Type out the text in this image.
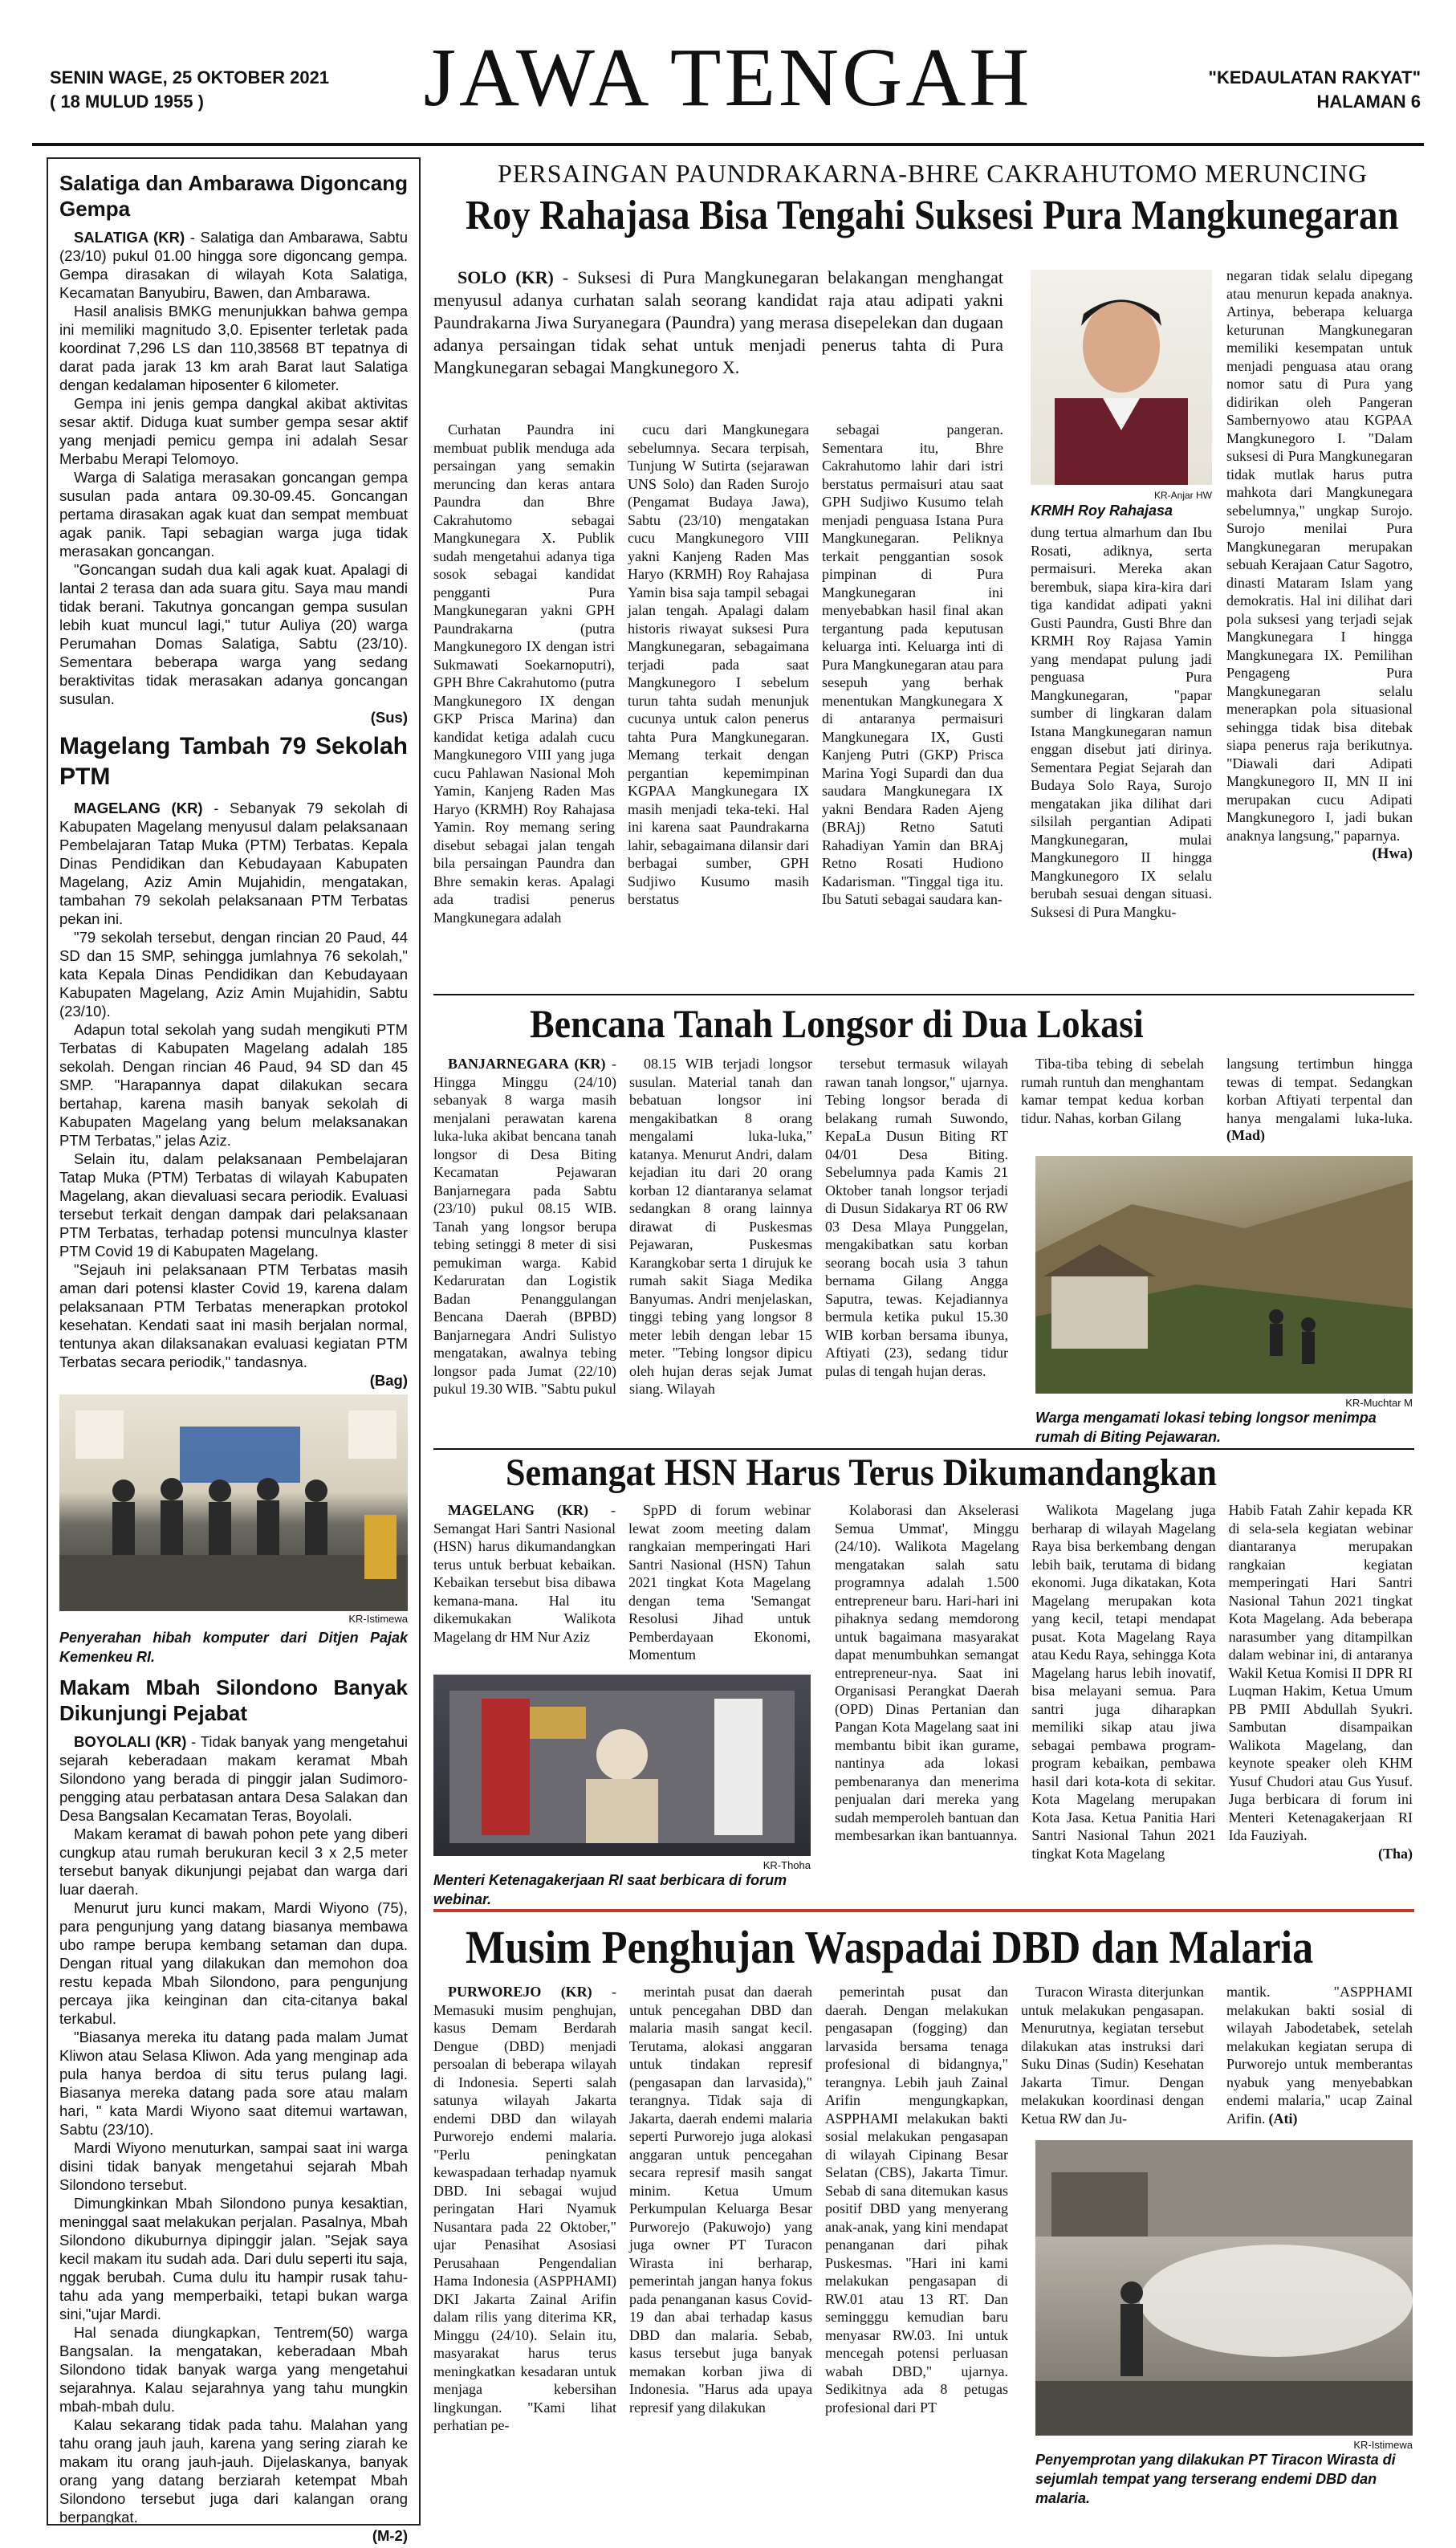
SENIN WAGE, 25 OKTOBER 2021
( 18 MULUD 1955 )	JAWA TENGAH	"KEDAULATAN RAKYAT"
HALAMAN 6
Salatiga dan Ambarawa Digoncang Gempa

SALATIGA (KR) - Salatiga dan Ambarawa, Sabtu (23/10) pukul 01.00 hingga sore digoncang gempa. Gempa dirasakan di wilayah Kota Salatiga, Kecamatan Banyubiru, Bawen, dan Ambarawa.

Hasil analisis BMKG menunjukkan bahwa gempa ini memiliki magnitudo 3,0. Episenter terletak pada koordinat 7,296 LS dan 110,38568 BT tepatnya di darat pada jarak 13 km arah Barat laut Salatiga dengan kedalaman hiposenter 6 kilometer.

Gempa ini jenis gempa dangkal akibat aktivitas sesar aktif. Diduga kuat sumber gempa sesar aktif yang menjadi pemicu gempa ini adalah Sesar Merbabu Merapi Telomoyo.

Warga di Salatiga merasakan goncangan gempa susulan pada antara 09.30-09.45. Goncangan pertama dirasakan agak kuat dan sempat membuat agak panik. Tapi sebagian warga juga tidak merasakan goncangan.

"Goncangan sudah dua kali agak kuat. Apalagi di lantai 2 terasa dan ada suara gitu. Saya mau mandi tidak berani. Takutnya goncangan gempa susulan lebih kuat muncul lagi," tutur Auliya (20) warga Perumahan Domas Salatiga, Sabtu (23/10). Sementara beberapa warga yang sedang beraktivitas tidak merasakan adanya goncangan susulan.

(Sus)

Magelang Tambah 79 Sekolah PTM

MAGELANG (KR) - Sebanyak 79 sekolah di Kabupaten Magelang menyusul dalam pelaksanaan Pembelajaran Tatap Muka (PTM) Terbatas. Kepala Dinas Pendidikan dan Kebudayaan Kabupaten Magelang, Aziz Amin Mujahidin, mengatakan, tambahan 79 sekolah pelaksanaan PTM Terbatas pekan ini.

"79 sekolah tersebut, dengan rincian 20 Paud, 44 SD dan 15 SMP, sehingga jumlahnya 76 sekolah," kata Kepala Dinas Pendidikan dan Kebudayaan Kabupaten Magelang, Aziz Amin Mujahidin, Sabtu (23/10).

Adapun total sekolah yang sudah mengikuti PTM Terbatas di Kabupaten Magelang adalah 185 sekolah. Dengan rincian 46 Paud, 94 SD dan 45 SMP. "Harapannya dapat dilakukan secara bertahap, karena masih banyak sekolah di Kabupaten Magelang yang belum melaksanakan PTM Terbatas," jelas Aziz.

Selain itu, dalam pelaksanaan Pembelajaran Tatap Muka (PTM) Terbatas di wilayah Kabupaten Magelang, akan dievaluasi secara periodik. Evaluasi tersebut terkait dengan dampak dari pelaksanaan PTM Terbatas, terhadap potensi munculnya klaster PTM Covid 19 di Kabupaten Magelang.

"Sejauh ini pelaksanaan PTM Terbatas masih aman dari potensi klaster Covid 19, karena dalam pelaksanaan PTM Terbatas menerapkan protokol kesehatan. Kendati saat ini masih berjalan normal, tentunya akan dilaksanakan evaluasi kegiatan PTM Terbatas secara periodik," tandasnya.

(Bag)

KR-Istimewa
Penyerahan hibah komputer dari Ditjen Pajak Kemenkeu RI.
Makam Mbah Silondono Banyak Dikunjungi Pejabat

BOYOLALI (KR) - Tidak banyak yang mengetahui sejarah keberadaan makam keramat Mbah Silondono yang berada di pinggir jalan Sudimoro-pengging atau perbatasan antara Desa Salakan dan Desa Bangsalan Kecamatan Teras, Boyolali.

Makam keramat di bawah pohon pete yang diberi cungkup atau rumah berukuran kecil 3 x 2,5 meter tersebut banyak dikunjungi pejabat dan warga dari luar daerah.

Menurut juru kunci makam, Mardi Wiyono (75), para pengunjung yang datang biasanya membawa ubo rampe berupa kembang setaman dan dupa. Dengan ritual yang dilakukan dan memohon doa restu kepada Mbah Silondono, para pengunjung percaya jika keinginan dan cita-citanya bakal terkabul.

"Biasanya mereka itu datang pada malam Jumat Kliwon atau Selasa Kliwon. Ada yang menginap ada pula hanya berdoa di situ terus pulang lagi. Biasanya mereka datang pada sore atau malam hari, " kata Mardi Wiyono saat ditemui wartawan, Sabtu (23/10).

Mardi Wiyono menuturkan, sampai saat ini warga disini tidak banyak mengetahui sejarah Mbah Silondono tersebut.

Dimungkinkan Mbah Silondono punya kesaktian, meninggal saat melakukan perjalan. Pasalnya, Mbah Silondono dikuburnya dipinggir jalan. "Sejak saya kecil makam itu sudah ada. Dari dulu seperti itu saja, nggak berubah. Cuma dulu itu hampir rusak tahu-tahu ada yang memperbaiki, tetapi bukan warga sini,"ujar Mardi.

Hal senada diungkapkan, Tentrem(50) warga Bangsalan. Ia mengatakan, keberadaan Mbah Silondono tidak banyak warga yang mengetahui sejarahnya. Kalau sejarahnya yang tahu mungkin mbah-mbah dulu.

Kalau sekarang tidak pada tahu. Malahan yang tahu orang jauh jauh, karena yang sering ziarah ke makam itu orang jauh-jauh. Dijelaskanya, banyak orang yang datang berziarah ketempat Mbah Silondono tersebut juga dari kalangan orang berpangkat.

(M-2)

PERSAINGAN PAUNDRAKARNA-BHRE CAKRAHUTOMO MERUNCING
Roy Rahajasa Bisa Tengahi Suksesi Pura Mangkunegaran

SOLO (KR) - Suksesi di Pura Mangkunegaran belakangan menghangat menyusul adanya curhatan salah seorang kandidat raja atau adipati yakni Paundrakarna Jiwa Suryanegara (Paundra) yang merasa disepelekan dan dugaan adanya persaingan tidak sehat untuk menjadi penerus tahta di Pura Mangkunegaran sebagai Mangkunegoro X.

Curhatan Paundra ini membuat publik menduga ada persaingan yang semakin meruncing dan keras antara Paundra dan Bhre Cakrahutomo sebagai Mangkunegara X. Publik sudah mengetahui adanya tiga sosok sebagai kandidat pengganti Pura Mangkunegaran yakni GPH Paundrakarna (putra Mangkunegoro IX dengan istri Sukmawati Soekarnoputri), GPH Bhre Cakrahutomo (putra Mangkunegoro IX dengan GKP Prisca Marina) dan kandidat ketiga adalah cucu Mangkunegoro VIII yang juga cucu Pahlawan Nasional Moh Yamin, Kanjeng Raden Mas Haryo (KRMH) Roy Rahajasa Yamin. Roy memang sering disebut sebagai jalan tengah bila persaingan Paundra dan Bhre semakin keras. Apalagi ada tradisi penerus Mangkunegara adalah

cucu dari Mangkunegara sebelumnya. Secara terpisah, Tunjung W Sutirta (sejarawan UNS Solo) dan Raden Surojo (Pengamat Budaya Jawa), Sabtu (23/10) mengatakan cucu Mangkunegoro VIII yakni Kanjeng Raden Mas Haryo (KRMH) Roy Rahajasa Yamin bisa saja tampil sebagai jalan tengah. Apalagi dalam historis riwayat suksesi Pura Mangkunegaran, sebagaimana terjadi pada saat Mangkunegoro I sebelum turun tahta sudah menunjuk cucunya untuk calon penerus tahta Pura Mangkunegaran. Memang terkait dengan pergantian kepemimpinan KGPAA Mangkunegara IX masih menjadi teka-teki. Hal ini karena saat Paundrakarna lahir, sebagaimana dilansir dari berbagai sumber, GPH Sudjiwo Kusumo masih berstatus

sebagai pangeran. Sementara itu, Bhre Cakrahutomo lahir dari istri berstatus permaisuri atau saat GPH Sudjiwo Kusumo telah menjadi penguasa Istana Pura Mangkunegaran. Peliknya terkait penggantian sosok pimpinan di Pura Mangkunegaran ini menyebabkan hasil final akan tergantung pada keputusan keluarga inti. Keluarga inti di Pura Mangkunegaran atau para sesepuh yang berhak menentukan Mangkunegara X di antaranya permaisuri Mangkunegara IX, Gusti Kanjeng Putri (GKP) Prisca Marina Yogi Supardi dan dua saudara Mangkunegara IX yakni Bendara Raden Ajeng (BRAj) Retno Satuti Rahadiyan Yamin dan BRAj Retno Rosati Hudiono Kadarisman. "Tinggal tiga itu. Ibu Satuti sebagai saudara kan-

KR-Anjar HW
KRMH Roy Rahajasa

dung tertua almarhum dan Ibu Rosati, adiknya, serta permaisuri. Mereka akan berembuk, siapa kira-kira dari tiga kandidat adipati yakni Gusti Paundra, Gusti Bhre dan KRMH Roy Rajasa Yamin yang mendapat pulung jadi penguasa Pura Mangkunegaran, "papar sumber di lingkaran dalam Istana Mangkunegaran namun enggan disebut jati dirinya. Sementara Pegiat Sejarah dan Budaya Solo Raya, Surojo mengatakan jika dilihat dari silsilah pergantian Adipati Mangkunegaran, mulai Mangkunegoro II hingga Mangkunegoro IX selalu berubah sesuai dengan situasi. Suksesi di Pura Mangku-

negaran tidak selalu dipegang atau menurun kepada anaknya. Artinya, beberapa keluarga keturunan Mangkunegaran memiliki kesempatan untuk menjadi penguasa atau orang nomor satu di Pura yang didirikan oleh Pangeran Sambernyowo atau KGPAA Mangkunegoro I. "Dalam suksesi di Pura Mangkunegaran tidak mutlak harus putra mahkota dari Mangkunegara sebelumnya," ungkap Surojo. Surojo menilai Pura Mangkunegaran merupakan sebuah Kerajaan Catur Sagotro, dinasti Mataram Islam yang demokratis. Hal ini dilihat dari pola suksesi yang terjadi sejak Mangkunegara I hingga Mangkunegara IX. Pemilihan Pengageng Pura Mangkunegaran selalu menerapkan pola situasional sehingga tidak bisa ditebak siapa penerus raja berikutnya. "Diawali dari Adipati Mangkunegoro II, MN II ini merupakan cucu Adipati Mangkunegoro I, jadi bukan anaknya langsung," paparnya.

(Hwa)

Bencana Tanah Longsor di Dua Lokasi

BANJARNEGARA (KR) - Hingga Minggu (24/10) sebanyak 8 warga masih menjalani perawatan karena luka-luka akibat bencana tanah longsor di Desa Biting Kecamatan Pejawaran Banjarnegara pada Sabtu (23/10) pukul 08.15 WIB. Tanah yang longsor berupa tebing setinggi 8 meter di sisi pemukiman warga. Kabid Kedaruratan dan Logistik Badan Penanggulangan Bencana Daerah (BPBD) Banjarnegara Andri Sulistyo mengatakan, awalnya tebing longsor pada Jumat (22/10) pukul 19.30 WIB. "Sabtu pukul

08.15 WIB terjadi longsor susulan. Material tanah dan bebatuan longsor ini mengakibatkan 8 orang mengalami luka-luka," katanya. Menurut Andri, dalam kejadian itu dari 20 orang korban 12 diantaranya selamat sedangkan 8 orang lainnya dirawat di Puskesmas Pejawaran, Puskesmas Karangkobar serta 1 dirujuk ke rumah sakit Siaga Medika Banyumas. Andri menjelaskan, tinggi tebing yang longsor 8 meter lebih dengan lebar 15 meter. "Tebing longsor dipicu oleh hujan deras sejak Jumat siang. Wilayah

tersebut termasuk wilayah rawan tanah longsor," ujarnya. Tebing longsor berada di belakang rumah Suwondo, KepaLa Dusun Biting RT 04/01 Desa Biting. Sebelumnya pada Kamis 21 Oktober tanah longsor terjadi di Dusun Sidakarya RT 06 RW 03 Desa Mlaya Punggelan, mengakibatkan satu korban seorang bocah usia 3 tahun bernama Gilang Angga Saputra, tewas. Kejadiannya bermula ketika pukul 15.30 WIB korban bersama ibunya, Aftiyati (23), sedang tidur pulas di tengah hujan deras.

Tiba-tiba tebing di sebelah rumah runtuh dan menghantam kamar tempat kedua korban tidur. Nahas, korban Gilang

langsung tertimbun hingga tewas di tempat. Sedangkan korban Aftiyati terpental dan hanya mengalami luka-luka.

(Mad)
KR-Muchtar M
Warga mengamati lokasi tebing longsor menimpa rumah di Biting Pejawaran.
Semangat HSN Harus Terus Dikumandangkan

MAGELANG (KR) - Semangat Hari Santri Nasional (HSN) harus dikumandangkan terus untuk berbuat kebaikan. Kebaikan tersebut bisa dibawa kemana-mana. Hal itu dikemukakan Walikota Magelang dr HM Nur Aziz

SpPD di forum webinar lewat zoom meeting dalam rangkaian memperingati Hari Santri Nasional (HSN) Tahun 2021 tingkat Kota Magelang dengan tema 'Semangat Resolusi Jihad untuk Pemberdayaan Ekonomi, Momentum

KR-Thoha
Menteri Ketenagakerjaan RI saat berbicara di forum webinar.

Kolaborasi dan Akselerasi Semua Ummat', Minggu (24/10). Walikota Magelang mengatakan salah satu programnya adalah 1.500 entrepreneur baru. Hari-hari ini pihaknya sedang memdorong untuk bagaimana masyarakat dapat menumbuhkan semangat entrepreneur-nya. Saat ini Organisasi Perangkat Daerah (OPD) Dinas Pertanian dan Pangan Kota Magelang saat ini membantu bibit ikan gurame, nantinya ada lokasi pembenaranya dan menerima penjualan dari mereka yang sudah memperoleh bantuan dan membesarkan ikan bantuannya.

Walikota Magelang juga berharap di wilayah Magelang Raya bisa berkembang dengan lebih baik, terutama di bidang ekonomi. Juga dikatakan, Kota Magelang merupakan kota yang kecil, tetapi mendapat pusat. Kota Magelang Raya atau Kedu Raya, sehingga Kota Magelang harus lebih inovatif, bisa melayani semua. Para santri juga diharapkan memiliki sikap atau jiwa sebagai pembawa program-program kebaikan, pembawa hasil dari kota-kota di sekitar. Kota Magelang merupakan Kota Jasa. Ketua Panitia Hari Santri Nasional Tahun 2021 tingkat Kota Magelang

Habib Fatah Zahir kepada KR di sela-sela kegiatan webinar diantaranya merupakan rangkaian kegiatan memperingati Hari Santri Nasional Tahun 2021 tingkat Kota Magelang. Ada beberapa narasumber yang ditampilkan dalam webinar ini, di antaranya Wakil Ketua Komisi II DPR RI Luqman Hakim, Ketua Umum PB PMII Abdullah Syukri. Sambutan disampaikan Walikota Magelang, dan keynote speaker oleh KHM Yusuf Chudori atau Gus Yusuf. Juga berbicara di forum ini Menteri Ketenagakerjaan RI Ida Fauziyah.

(Tha)

Musim Penghujan Waspadai DBD dan Malaria

PURWOREJO (KR) - Memasuki musim penghujan, kasus Demam Berdarah Dengue (DBD) menjadi persoalan di beberapa wilayah di Indonesia. Seperti salah satunya wilayah Jakarta endemi DBD dan wilayah Purworejo endemi malaria. "Perlu peningkatan kewaspadaan terhadap nyamuk DBD. Ini sebagai wujud peringatan Hari Nyamuk Nusantara pada 22 Oktober," ujar Penasihat Asosiasi Perusahaan Pengendalian Hama Indonesia (ASPPHAMI) DKI Jakarta Zainal Arifin dalam rilis yang diterima KR, Minggu (24/10). Selain itu, masyarakat harus terus meningkatkan kesadaran untuk menjaga kebersihan lingkungan. "Kami lihat perhatian pe-

merintah pusat dan daerah untuk pencegahan DBD dan malaria masih sangat kecil. Terutama, alokasi anggaran untuk tindakan represif (pengasapan dan larvasida)," terangnya. Tidak saja di Jakarta, daerah endemi malaria seperti Purworejo juga alokasi anggaran untuk pencegahan secara represif masih sangat minim. Ketua Umum Perkumpulan Keluarga Besar Purworejo (Pakuwojo) yang juga owner PT Turacon Wirasta ini berharap, pemerintah jangan hanya fokus pada penanganan kasus Covid-19 dan abai terhadap kasus DBD dan malaria. Sebab, kasus tersebut juga banyak memakan korban jiwa di Indonesia. "Harus ada upaya represif yang dilakukan

pemerintah pusat dan daerah. Dengan melakukan pengasapan (fogging) dan larvasida bersama tenaga profesional di bidangnya," terangnya. Lebih jauh Zainal Arifin mengungkapkan, ASPPHAMI melakukan bakti sosial melakukan pengasapan di wilayah Cipinang Besar Selatan (CBS), Jakarta Timur. Sebab di sana ditemukan kasus positif DBD yang menyerang anak-anak, yang kini mendapat penanganan dari pihak Puskesmas. "Hari ini kami melakukan pengasapan di RW.01 atau 13 RT. Dan semingggu kemudian baru menyasar RW.03. Ini untuk mencegah potensi perluasan wabah DBD," ujarnya. Sedikitnya ada 8 petugas profesional dari PT

Turacon Wirasta diterjunkan untuk melakukan pengasapan. Menurutnya, kegiatan tersebut dilakukan atas instruksi dari Suku Dinas (Sudin) Kesehatan Jakarta Timur. Dengan melakukan koordinasi dengan Ketua RW dan Ju-

mantik. "ASPPHAMI melakukan bakti sosial di wilayah Jabodetabek, setelah melakukan kegiatan serupa di Purworejo untuk memberantas nyabuk yang menyebabkan endemi malaria," ucap Zainal Arifin. (Ati)
KR-Istimewa
Penyemprotan yang dilakukan PT Tiracon Wirasta di sejumlah tempat yang terserang endemi DBD dan malaria.
